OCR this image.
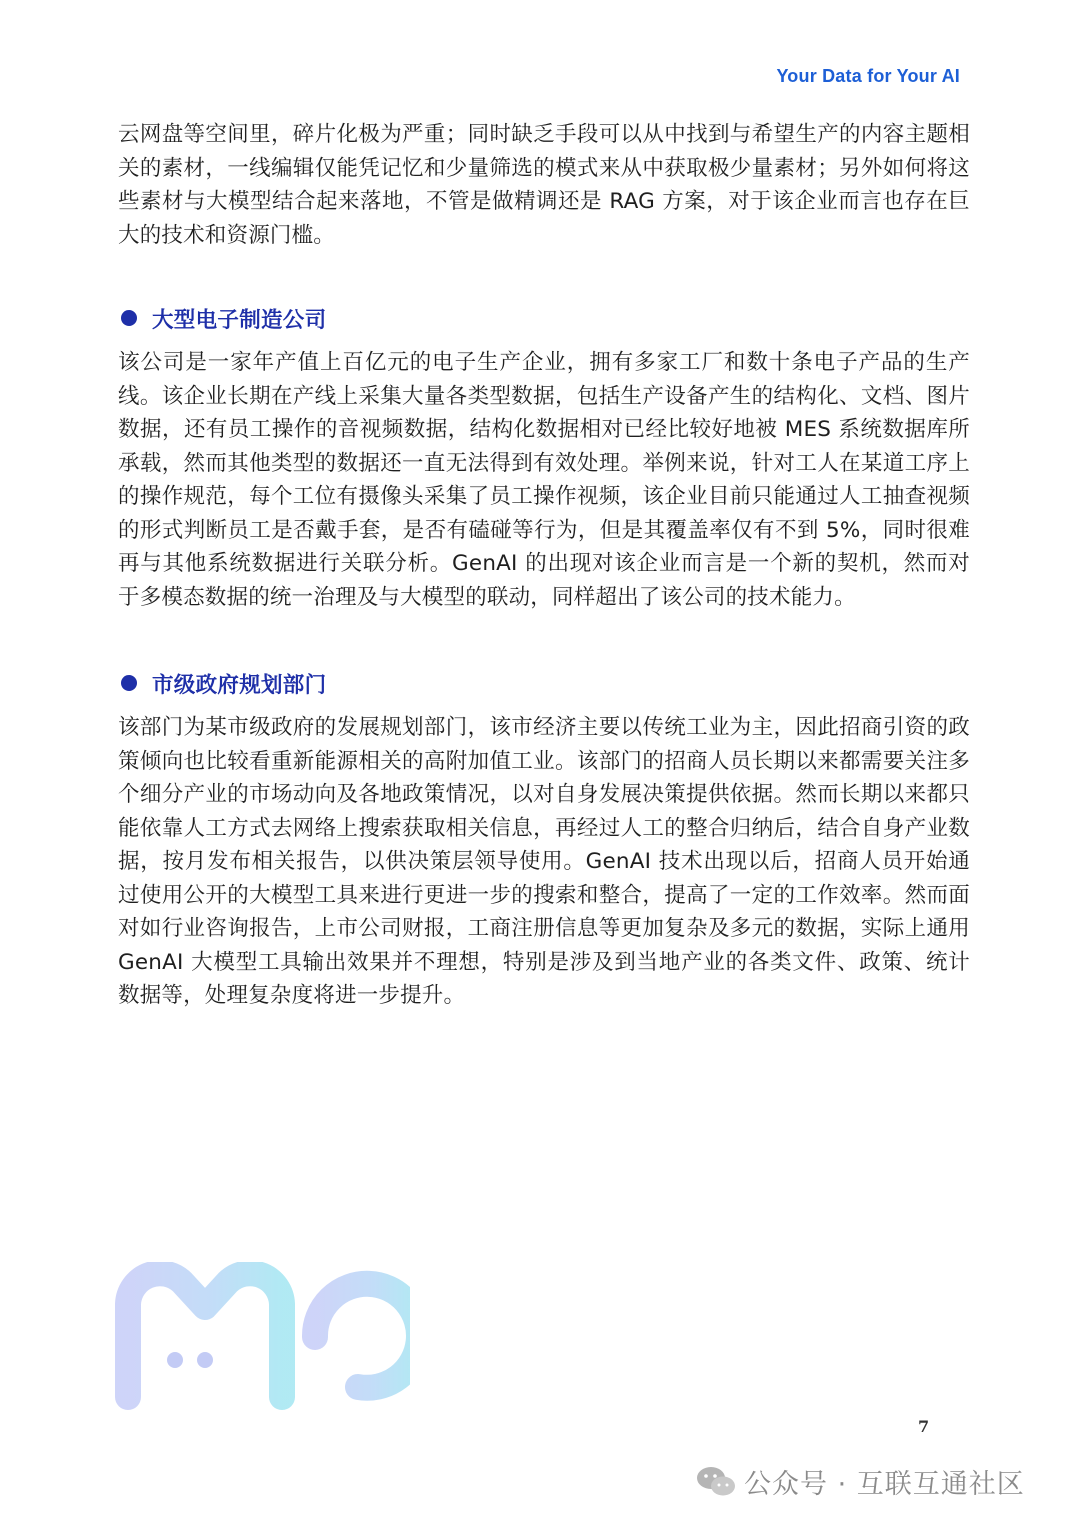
Your Data for Your AI

云网盘等空间里，碎片化极为严重；同时缺乏手段可以从中找到与希望生产的内容主题相关的素材，一线编辑仅能凭记忆和少量筛选的模式来从中获取极少量素材；另外如何将这些素材与大模型结合起来落地，不管是做精调还是 RAG 方案，对于该企业而言也存在巨大的技术和资源门槛。

大型电子制造公司

该公司是一家年产值上百亿元的电子生产企业，拥有多家工厂和数十条电子产品的生产线。该企业长期在产线上采集大量各类型数据，包括生产设备产生的结构化、文档、图片数据，还有员工操作的音视频数据，结构化数据相对已经比较好地被 MES 系统数据库所承载，然而其他类型的数据还一直无法得到有效处理。举例来说，针对工人在某道工序上的操作规范，每个工位有摄像头采集了员工操作视频，该企业目前只能通过人工抽查视频的形式判断员工是否戴手套，是否有磕碰等行为，但是其覆盖率仅有不到 5%，同时很难再与其他系统数据进行关联分析。GenAI 的出现对该企业而言是一个新的契机，然而对于多模态数据的统一治理及与大模型的联动，同样超出了该公司的技术能力。

市级政府规划部门

该部门为某市级政府的发展规划部门，该市经济主要以传统工业为主，因此招商引资的政策倾向也比较看重新能源相关的高附加值工业。该部门的招商人员长期以来都需要关注多个细分产业的市场动向及各地政策情况，以对自身发展决策提供依据。然而长期以来都只能依靠人工方式去网络上搜索获取相关信息，再经过人工的整合归纳后，结合自身产业数据，按月发布相关报告，以供决策层领导使用。GenAI 技术出现以后，招商人员开始通过使用公开的大模型工具来进行更进一步的搜索和整合，提高了一定的工作效率。然而面对如行业咨询报告，上市公司财报，工商注册信息等更加复杂及多元的数据，实际上通用 GenAI 大模型工具输出效果并不理想，特别是涉及到当地产业的各类文件、政策、统计数据等，处理复杂度将进一步提升。

7
公众号 · 互联互通社区
